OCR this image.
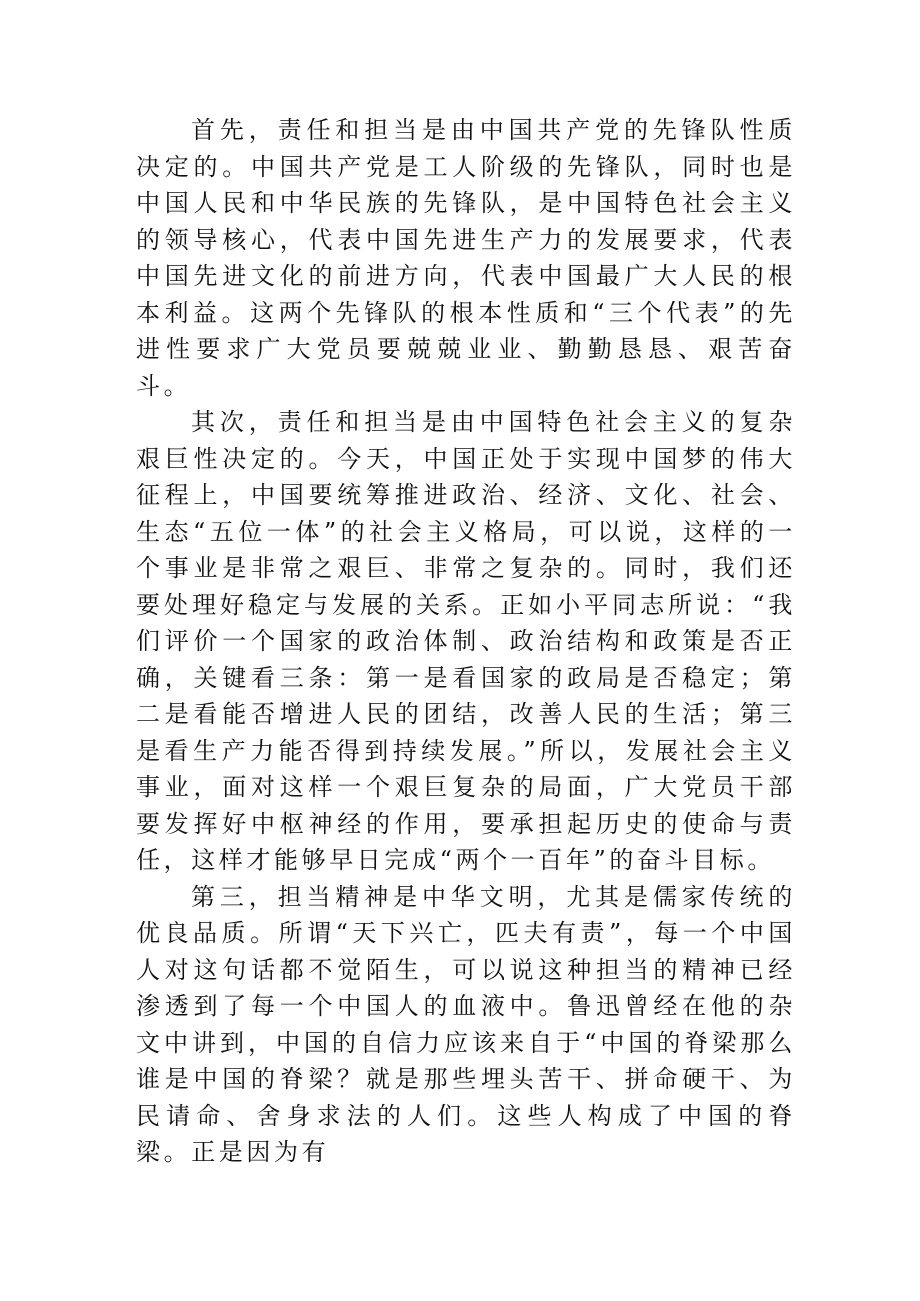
首先，责任和担当是由中国共产党的先锋队性质决定的。中国共产党是工人阶级的先锋队，同时也是中国人民和中华民族的先锋队，是中国特色社会主义的领导核心，代表中国先进生产力的发展要求，代表中国先进文化的前进方向，代表中国最广大人民的根本利益。这两个先锋队的根本性质和“三个代表”的先进性要求广大党员要兢兢业业、勤勤恳恳、艰苦奋斗。

其次，责任和担当是由中国特色社会主义的复杂艰巨性决定的。今天，中国正处于实现中国梦的伟大征程上，中国要统筹推进政治、经济、文化、社会、生态“五位一体”的社会主义格局，可以说，这样的一个事业是非常之艰巨、非常之复杂的。同时，我们还要处理好稳定与发展的关系。正如小平同志所说：“我们评价一个国家的政治体制、政治结构和政策是否正确，关键看三条：第一是看国家的政局是否稳定；第二是看能否增进人民的团结，改善人民的生活；第三是看生产力能否得到持续发展。”所以，发展社会主义事业，面对这样一个艰巨复杂的局面，广大党员干部要发挥好中枢神经的作用，要承担起历史的使命与责任，这样才能够早日完成“两个一百年”的奋斗目标。

第三，担当精神是中华文明，尤其是儒家传统的优良品质。所谓“天下兴亡，匹夫有责”，每一个中国人对这句话都不觉陌生，可以说这种担当的精神已经渗透到了每一个中国人的血液中。鲁迅曾经在他的杂文中讲到，中国的自信力应该来自于“中国的脊梁那么谁是中国的脊梁？就是那些埋头苦干、拼命硬干、为民请命、舍身求法的人们。这些人构成了中国的脊梁。正是因为有
